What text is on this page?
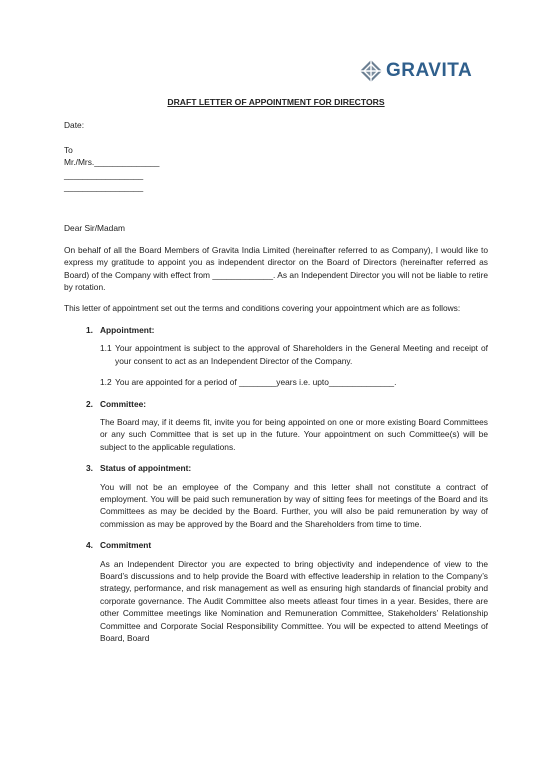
GRAVITA

DRAFT LETTER OF APPOINTMENT FOR DIRECTORS

Date:

To

Mr./Mrs.______________

_________________

_________________

Dear Sir/Madam

On behalf of all the Board Members of Gravita India Limited (hereinafter referred to as Company), I would like to express my gratitude to appoint you as independent director on the Board of Directors (hereinafter referred as Board) of the Company with effect from _____________. As an Independent Director you will not be liable to retire by rotation.

This letter of appointment set out the terms and conditions covering your appointment which are as follows:

1. Appointment:
1.1 Your appointment is subject to the approval of Shareholders in the General Meeting and receipt of your consent to act as an Independent Director of the Company.
1.2 You are appointed for a period of ________years i.e. upto______________.
2. Committee:

The Board may, if it deems fit, invite you for being appointed on one or more existing Board Committees or any such Committee that is set up in the future. Your appointment on such Committee(s) will be subject to the applicable regulations.

3. Status of appointment:

You will not be an employee of the Company and this letter shall not constitute a contract of employment. You will be paid such remuneration by way of sitting fees for meetings of the Board and its Committees as may be decided by the Board. Further, you will also be paid remuneration by way of commission as may be approved by the Board and the Shareholders from time to time.

4. Commitment

As an Independent Director you are expected to bring objectivity and independence of view to the Board’s discussions and to help provide the Board with effective leadership in relation to the Company’s strategy, performance, and risk management as well as ensuring high standards of financial probity and corporate governance. The Audit Committee also meets atleast four times in a year. Besides, there are other Committee meetings like Nomination and Remuneration Committee, Stakeholders’ Relationship Committee and Corporate Social Responsibility Committee. You will be expected to attend Meetings of Board, Board
